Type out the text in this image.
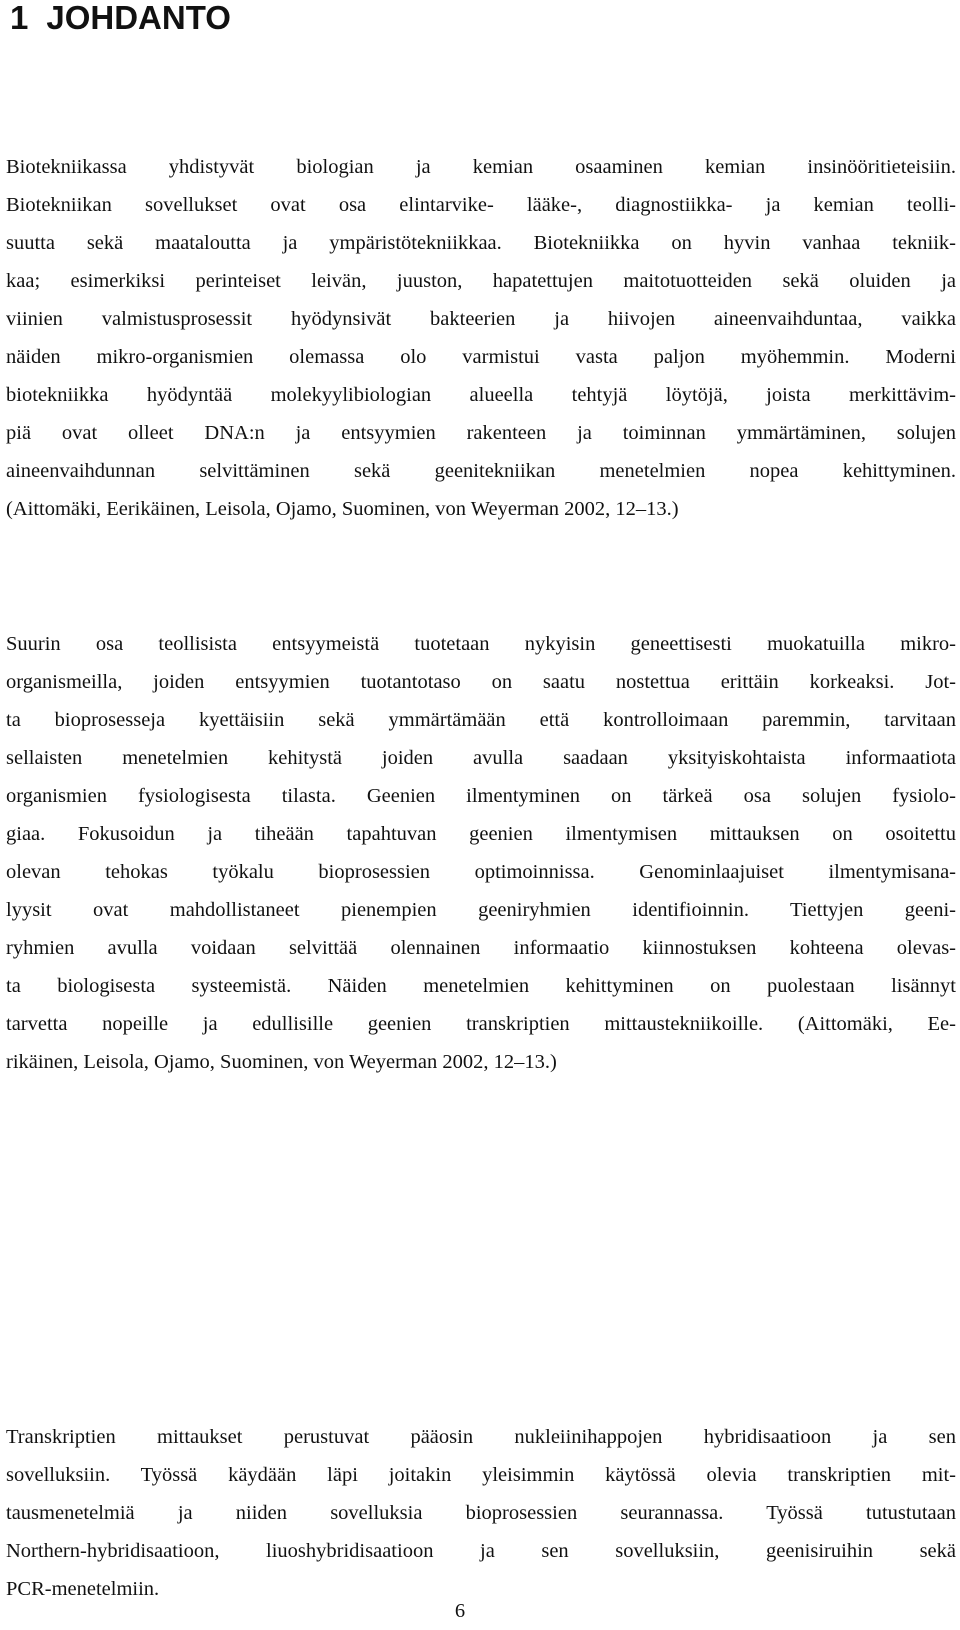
1 JOHDANTO
Biotekniikassa yhdistyvät biologian ja kemian osaaminen kemian insinööritieteisiin.
Biotekniikan sovellukset ovat osa elintarvike- lääke-, diagnostiikka- ja kemian teolli-
suutta sekä maataloutta ja ympäristötekniikkaa. Biotekniikka on hyvin vanhaa tekniik-
kaa; esimerkiksi perinteiset leivän, juuston, hapatettujen maitotuotteiden sekä oluiden ja
viinien valmistusprosessit hyödynsivät bakteerien ja hiivojen aineenvaihduntaa, vaikka
näiden mikro-organismien olemassa olo varmistui vasta paljon myöhemmin. Moderni
biotekniikka hyödyntää molekyylibiologian alueella tehtyjä löytöjä, joista merkittävim-
piä ovat olleet DNA:n ja entsyymien rakenteen ja toiminnan ymmärtäminen, solujen
aineenvaihdunnan selvittäminen sekä geenitekniikan menetelmien nopea kehittyminen.
(Aittomäki, Eerikäinen, Leisola, Ojamo, Suominen, von Weyerman 2002, 12–13.)
Suurin osa teollisista entsyymeistä tuotetaan nykyisin geneettisesti muokatuilla mikro-
organismeilla, joiden entsyymien tuotantotaso on saatu nostettua erittäin korkeaksi. Jot-
ta bioprosesseja kyettäisiin sekä ymmärtämään että kontrolloimaan paremmin, tarvitaan
sellaisten menetelmien kehitystä joiden avulla saadaan yksityiskohtaista informaatiota
organismien fysiologisesta tilasta. Geenien ilmentyminen on tärkeä osa solujen fysiolo-
giaa. Fokusoidun ja tiheään tapahtuvan geenien ilmentymisen mittauksen on osoitettu
olevan tehokas työkalu bioprosessien optimoinnissa. Genominlaajuiset ilmentymisana-
lyysit ovat mahdollistaneet pienempien geeniryhmien identifioinnin. Tiettyjen geeni-
ryhmien avulla voidaan selvittää olennainen informaatio kiinnostuksen kohteena olevas-
ta biologisesta systeemistä. Näiden menetelmien kehittyminen on puolestaan lisännyt
tarvetta nopeille ja edullisille geenien transkriptien mittaustekniikoille. (Aittomäki, Ee-
rikäinen, Leisola, Ojamo, Suominen, von Weyerman 2002, 12–13.)
Transkriptien mittaukset perustuvat pääosin nukleiinihappojen hybridisaatioon ja sen
sovelluksiin. Työssä käydään läpi joitakin yleisimmin käytössä olevia transkriptien mit-
tausmenetelmiä ja niiden sovelluksia bioprosessien seurannassa. Työssä tutustutaan
Northern-hybridisaatioon, liuoshybridisaatioon ja sen sovelluksiin, geenisiruihin sekä
PCR-menetelmiin.
6
